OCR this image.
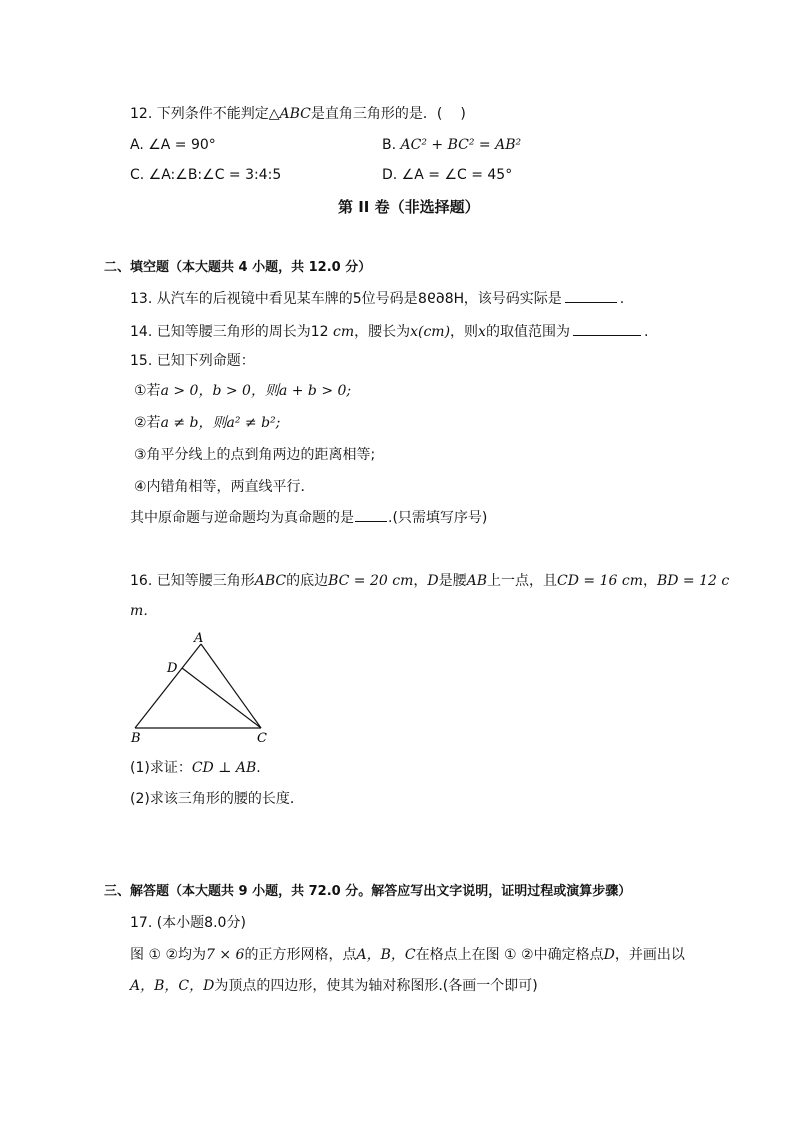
12. 下列条件不能判定△ABC是直角三角形的是．( )
A. ∠A = 90°	B. AC² + BC² = AB²
C. ∠A:∠B:∠C = 3:4:5	D. ∠A = ∠C = 45°
第 II 卷（非选择题）
二、填空题（本大题共 4 小题，共 12.0 分）
13. 从汽车的后视镜中看见某车牌的5位号码是H8698，该号码实际是	.
14. 已知等腰三角形的周长为12 cm，腰长为x(cm)，则x的取值范围为	.
15. 已知下列命题：
①若a > 0，b > 0，则a + b > 0;
②若a ≠ b，则a² ≠ b²;
③角平分线上的点到角两边的距离相等;
④内错角相等，两直线平行．
其中原命题与逆命题均为真命题的是 .(只需填写序号)
16. 已知等腰三角形ABC的底边BC = 20 cm，D是腰AB上一点，且CD = 16 cm，BD = 12 c
m．
A
D
B	C
(1)求证：CD ⊥ AB.
(2)求该三角形的腰的长度．
三、解答题（本大题共 9 小题，共 72.0 分。解答应写出文字说明，证明过程或演算步骤）
17. (本小题8.0分)
图 ① ②均为7 × 6的正方形网格，点A，B，C在格点上在图 ① ②中确定格点D，并画出以
A，B，C，D为顶点的四边形，使其为轴对称图形.(各画一个即可)
